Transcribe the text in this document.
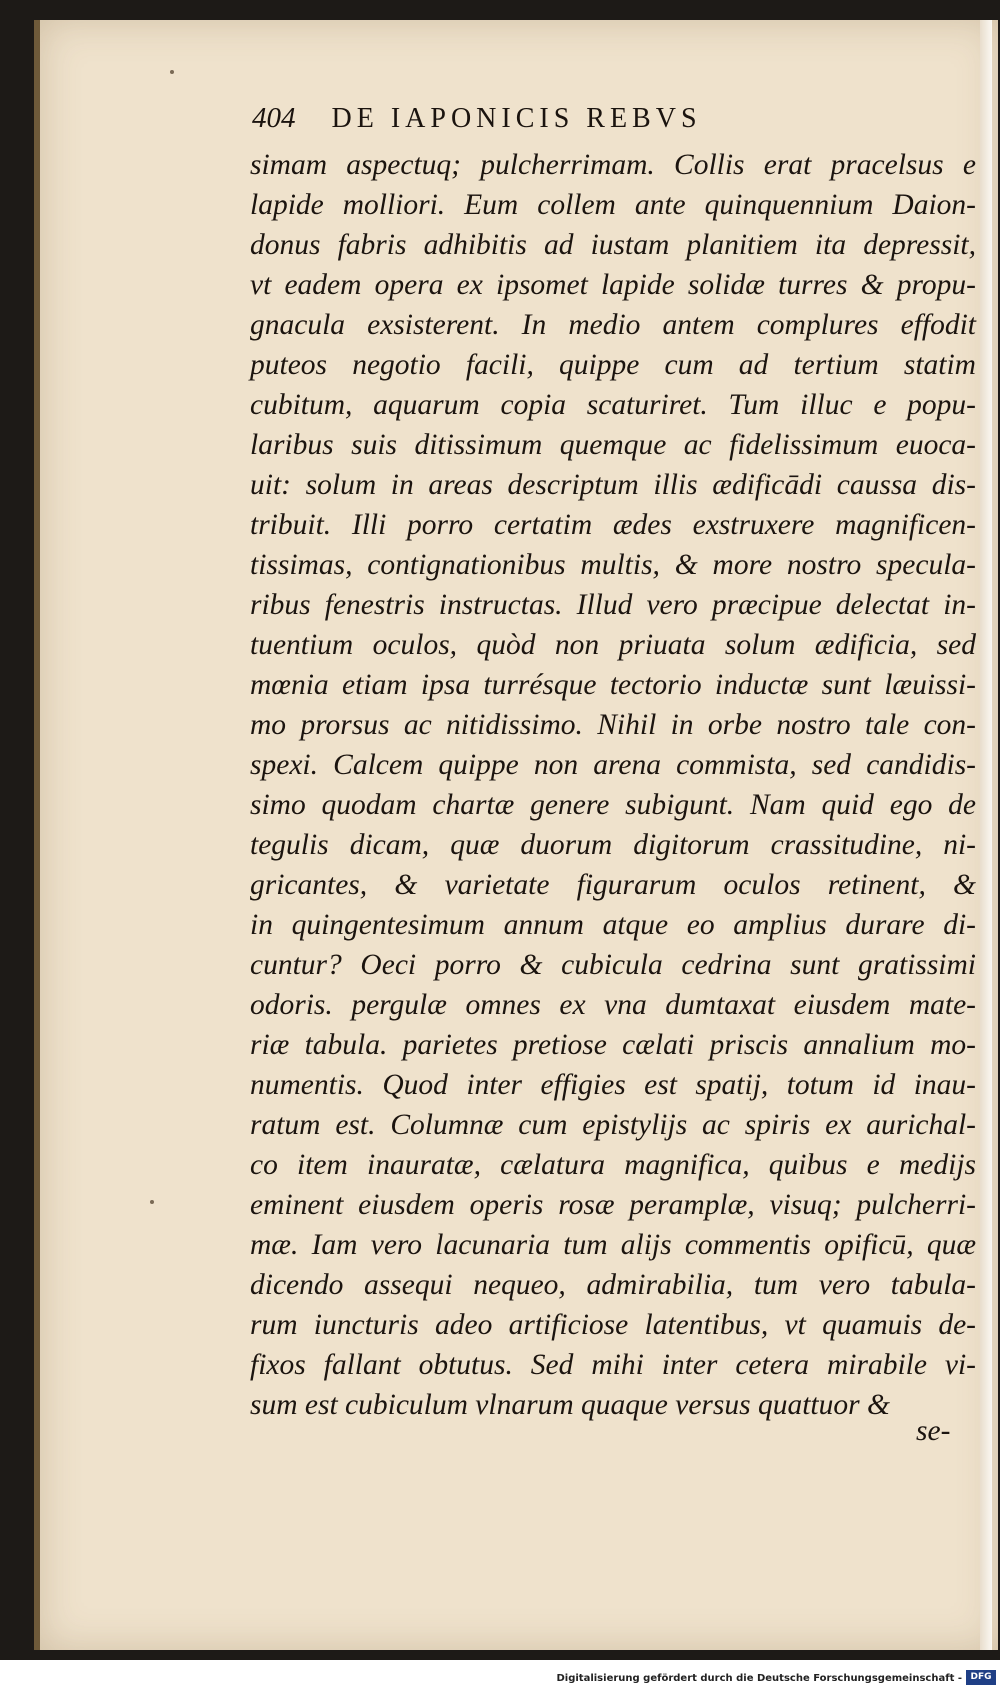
404 DE IAPONICIS REBVS
simam aspectuq; pulcherrimam. Collis erat pracelsus e
lapide molliori. Eum collem ante quinquennium Daion-
donus fabris adhibitis ad iustam planitiem ita depressit,
vt eadem opera ex ipsomet lapide solidæ turres & propu-
gnacula exsisterent. In medio antem complures effodit
puteos negotio facili, quippe cum ad tertium statim
cubitum, aquarum copia scaturiret. Tum illuc e popu-
laribus suis ditissimum quemque ac fidelissimum euoca-
uit: solum in areas descriptum illis ædificādi caussa dis-
tribuit. Illi porro certatim ædes exstruxere magnificen-
tissimas, contignationibus multis, & more nostro specula-
ribus fenestris instructas. Illud vero præcipue delectat in-
tuentium oculos, quòd non priuata solum ædificia, sed
mœnia etiam ipsa turrésque tectorio inductæ sunt læuissi-
mo prorsus ac nitidissimo. Nihil in orbe nostro tale con-
spexi. Calcem quippe non arena commista, sed candidis-
simo quodam chartæ genere subigunt. Nam quid ego de
tegulis dicam, quæ duorum digitorum crassitudine, ni-
gricantes, & varietate figurarum oculos retinent, &
in quingentesimum annum atque eo amplius durare di-
cuntur? Oeci porro & cubicula cedrina sunt gratissimi
odoris. pergulæ omnes ex vna dumtaxat eiusdem mate-
riæ tabula. parietes pretiose cælati priscis annalium mo-
numentis. Quod inter effigies est spatij, totum id inau-
ratum est. Columnæ cum epistylijs ac spiris ex aurichal-
co item inauratæ, cælatura magnifica, quibus e medijs
eminent eiusdem operis rosæ peramplæ, visuq; pulcherri-
mæ. Iam vero lacunaria tum alijs commentis opificū, quæ
dicendo assequi nequeo, admirabilia, tum vero tabula-
rum iuncturis adeo artificiose latentibus, vt quamuis de-
fixos fallant obtutus. Sed mihi inter cetera mirabile vi-
sum est cubiculum vlnarum quaque versus quattuor &
se-
Digitalisierung gefördert durch die Deutsche Forschungsgemeinschaft - DFG
